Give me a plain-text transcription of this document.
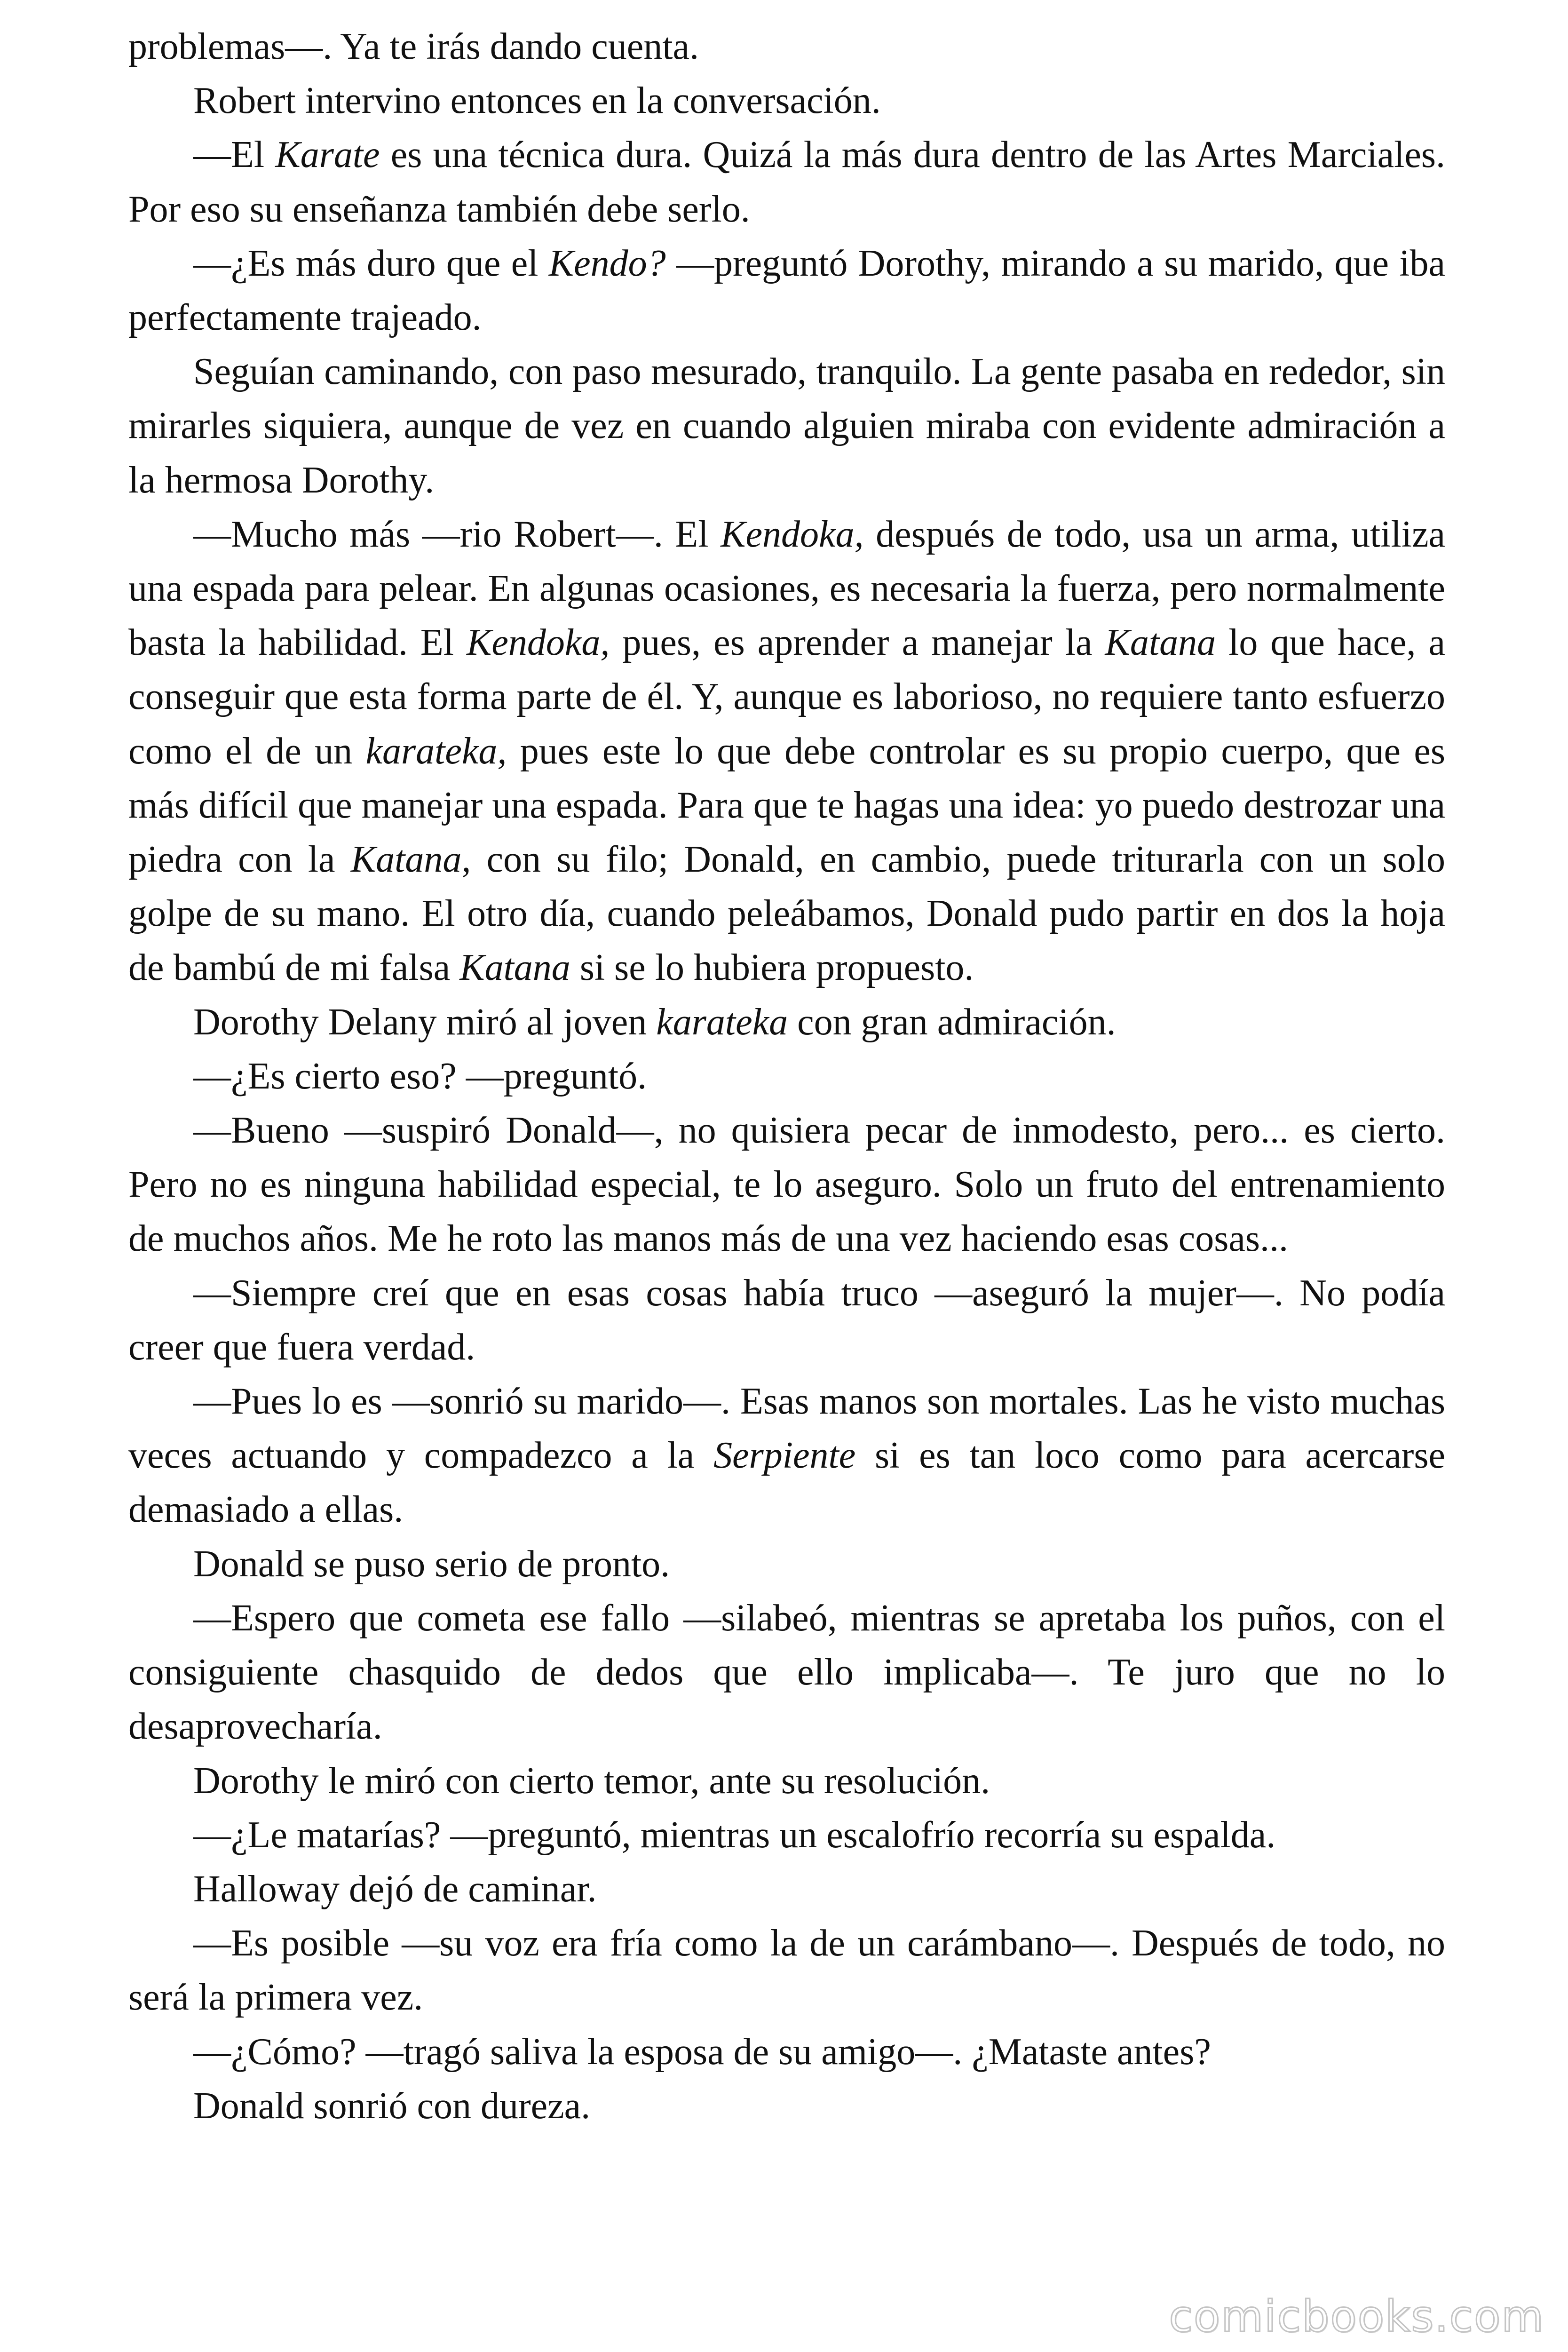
problemas—. Ya te irás dando cuenta.

Robert intervino entonces en la conversación.

—El Karate es una técnica dura. Quizá la más dura dentro de las Artes Marciales. Por eso su enseñanza también debe serlo.

—¿Es más duro que el Kendo? —preguntó Dorothy, mirando a su marido, que iba perfectamente trajeado.

Seguían caminando, con paso mesurado, tranquilo. La gente pasaba en rededor, sin mirarles siquiera, aunque de vez en cuando alguien miraba con evidente admiración a la hermosa Dorothy.

—Mucho más —rio Robert—. El Kendoka, después de todo, usa un arma, utiliza una espada para pelear. En algunas ocasiones, es necesaria la fuerza, pero normalmente basta la habilidad. El Kendoka, pues, es aprender a manejar la Katana lo que hace, a conseguir que esta forma parte de él. Y, aunque es laborioso, no requiere tanto esfuerzo como el de un karateka, pues este lo que debe controlar es su propio cuerpo, que es más difícil que manejar una espada. Para que te hagas una idea: yo puedo destrozar una piedra con la Katana, con su filo; Donald, en cambio, puede triturarla con un solo golpe de su mano. El otro día, cuando peleábamos, Donald pudo partir en dos la hoja de bambú de mi falsa Katana si se lo hubiera propuesto.

Dorothy Delany miró al joven karateka con gran admiración.

—¿Es cierto eso? —preguntó.

—Bueno —suspiró Donald—, no quisiera pecar de inmodesto, pero... es cierto. Pero no es ninguna habilidad especial, te lo aseguro. Solo un fruto del entrenamiento de muchos años. Me he roto las manos más de una vez haciendo esas cosas...

—Siempre creí que en esas cosas había truco —aseguró la mujer—. No podía creer que fuera verdad.

—Pues lo es —sonrió su marido—. Esas manos son mortales. Las he visto muchas veces actuando y compadezco a la Serpiente si es tan loco como para acercarse demasiado a ellas.

Donald se puso serio de pronto.

—Espero que cometa ese fallo —silabeó, mientras se apretaba los puños, con el consiguiente chasquido de dedos que ello implicaba—. Te juro que no lo desaprovecharía.

Dorothy le miró con cierto temor, ante su resolución.

—¿Le matarías? —preguntó, mientras un escalofrío recorría su espalda.

Halloway dejó de caminar.

—Es posible —su voz era fría como la de un carámbano—. Después de todo, no será la primera vez.

—¿Cómo? —tragó saliva la esposa de su amigo—. ¿Mataste antes?

Donald sonrió con dureza.

comicbooks.com
